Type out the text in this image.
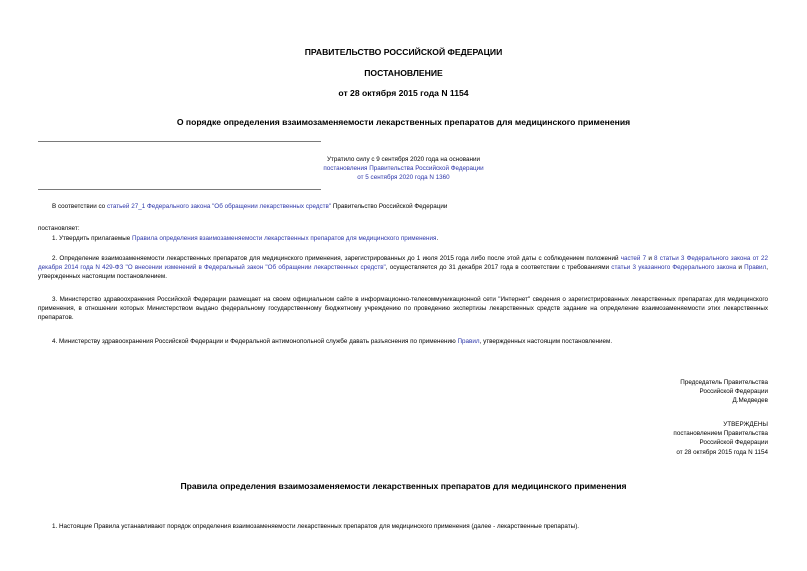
ПРАВИТЕЛЬСТВО РОССИЙСКОЙ ФЕДЕРАЦИИ
ПОСТАНОВЛЕНИЕ
от 28 октября 2015 года N 1154
О порядке определения взаимозаменяемости лекарственных препаратов для медицинского применения
Утратило силу с 9 сентября 2020 года на основании
постановления Правительства Российской Федерации
от 5 сентября 2020 года N 1360
В соответствии со статьей 27_1 Федерального закона "Об обращении лекарственных средств" Правительство Российской Федерации
постановляет:
1. Утвердить прилагаемые Правила определения взаимозаменяемости лекарственных препаратов для медицинского применения.
2. Определение взаимозаменяемости лекарственных препаратов для медицинского применения, зарегистрированных до 1 июля 2015 года либо после этой даты с соблюдением положений частей 7 и 8 статьи 3 Федерального закона от 22 декабря 2014 года N 429-ФЗ "О внесении изменений в Федеральный закон "Об обращении лекарственных средств", осуществляется до 31 декабря 2017 года в соответствии с требованиями статьи 3 указанного Федерального закона и Правил, утвержденных настоящим постановлением.
3. Министерство здравоохранения Российской Федерации размещает на своем официальном сайте в информационно-телекоммуникационной сети "Интернет" сведения о зарегистрированных лекарственных препаратах для медицинского применения, в отношении которых Министерством выдано федеральному государственному бюджетному учреждению по проведению экспертизы лекарственных средств задание на определение взаимозаменяемости этих лекарственных препаратов.
4. Министерству здравоохранения Российской Федерации и Федеральной антимонопольной службе давать разъяснения по применению Правил, утвержденных настоящим постановлением.
Председатель Правительства
Российской Федерации
Д.Медведев
УТВЕРЖДЕНЫ
постановлением Правительства
Российской Федерации
от 28 октября 2015 года N 1154
Правила определения взаимозаменяемости лекарственных препаратов для медицинского применения
1. Настоящие Правила устанавливают порядок определения взаимозаменяемости лекарственных препаратов для медицинского применения (далее - лекарственные препараты).
